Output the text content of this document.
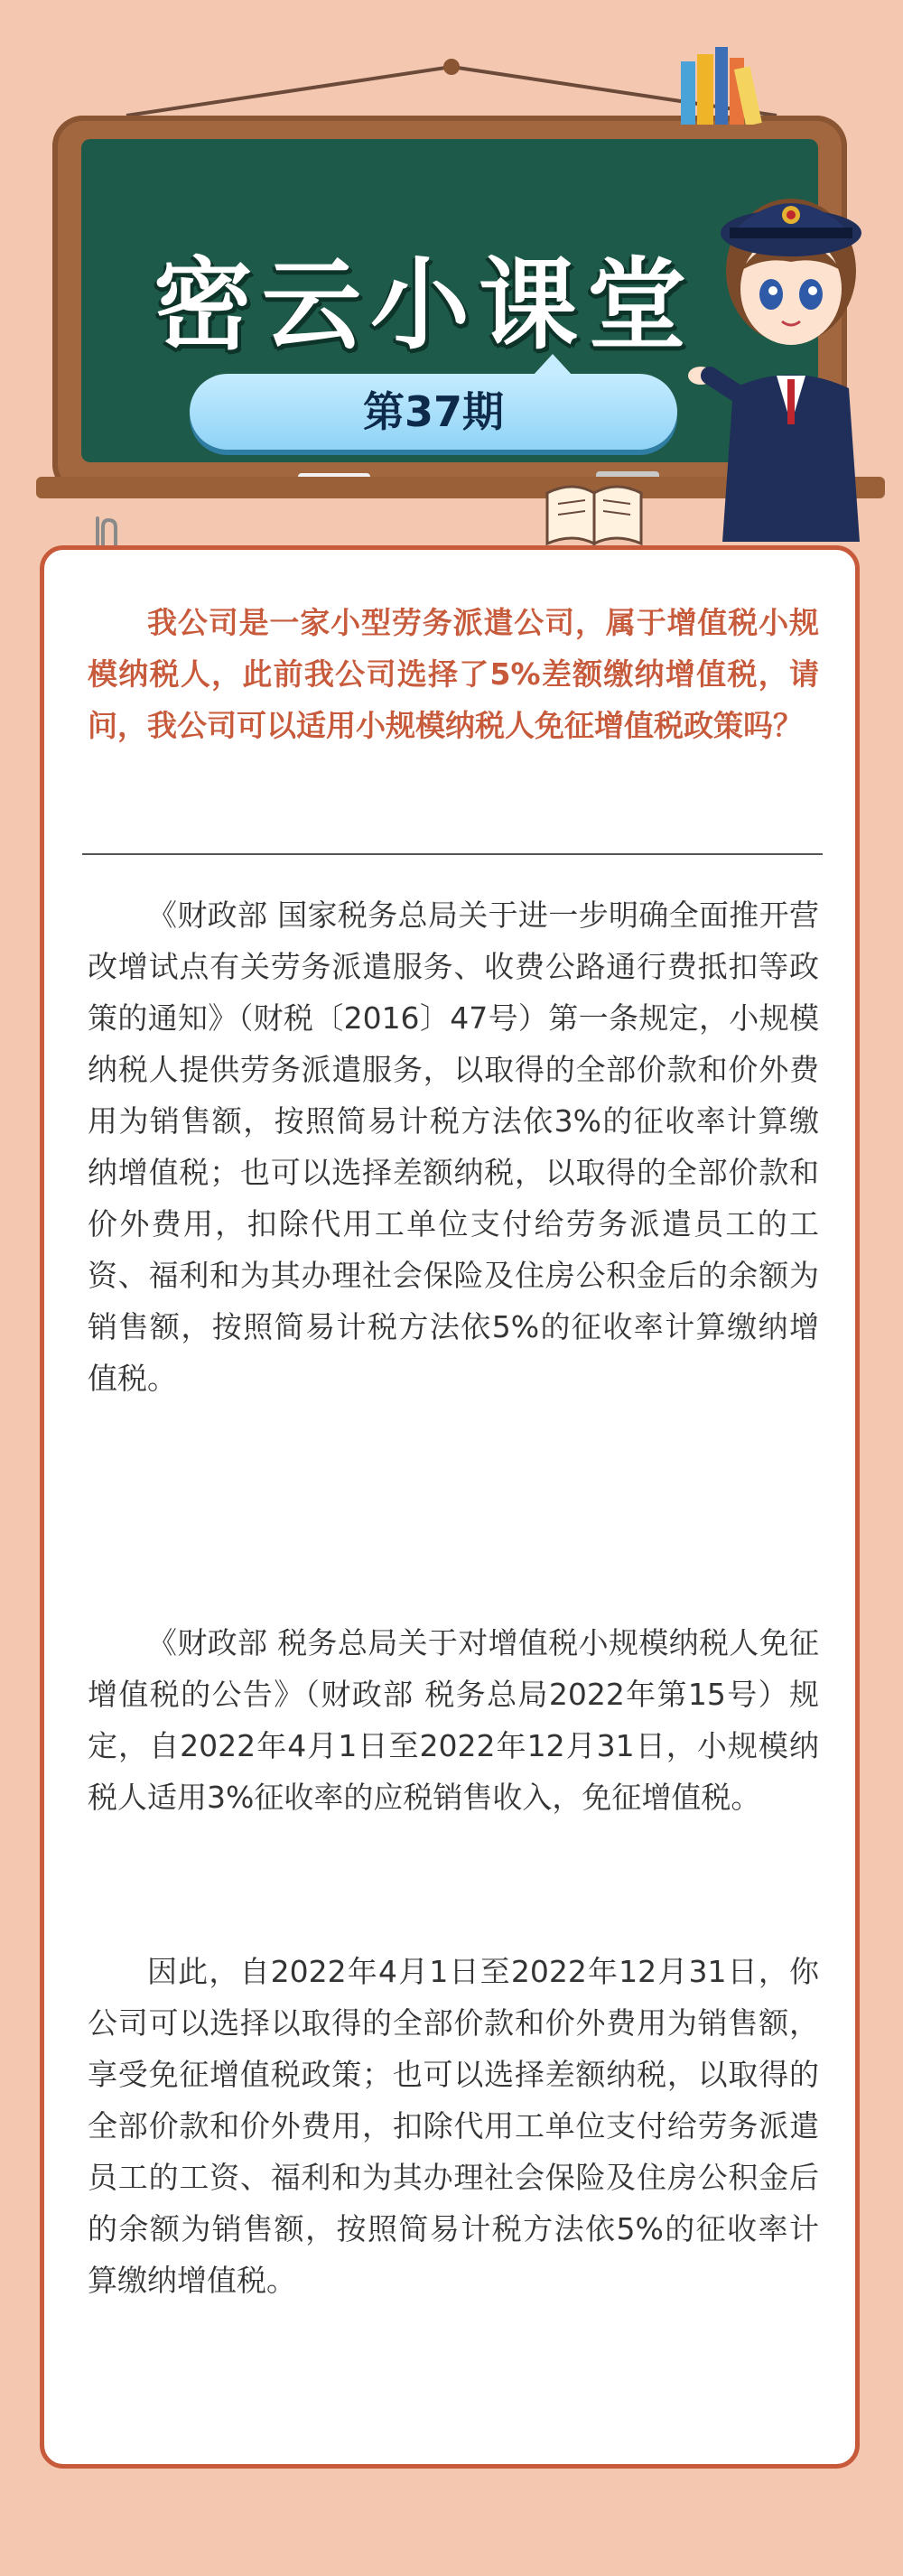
密云小课堂
第37期

我公司是一家小型劳务派遣公司，属于增值税小规模纳税人，此前我公司选择了5%差额缴纳增值税，请问，我公司可以适用小规模纳税人免征增值税政策吗？

《财政部 国家税务总局关于进一步明确全面推开营改增试点有关劳务派遣服务、收费公路通行费抵扣等政策的通知》（财税〔2016〕47号）第一条规定，小规模纳税人提供劳务派遣服务，以取得的全部价款和价外费用为销售额，按照简易计税方法依3%的征收率计算缴纳增值税；也可以选择差额纳税，以取得的全部价款和价外费用，扣除代用工单位支付给劳务派遣员工的工资、福利和为其办理社会保险及住房公积金后的余额为销售额，按照简易计税方法依5%的征收率计算缴纳增值税。

《财政部 税务总局关于对增值税小规模纳税人免征增值税的公告》（财政部 税务总局2022年第15号）规定，自2022年4月1日至2022年12月31日，小规模纳税人适用3%征收率的应税销售收入，免征增值税。

因此，自2022年4月1日至2022年12月31日，你公司可以选择以取得的全部价款和价外费用为销售额，享受免征增值税政策；也可以选择差额纳税，以取得的全部价款和价外费用，扣除代用工单位支付给劳务派遣员工的工资、福利和为其办理社会保险及住房公积金后的余额为销售额，按照简易计税方法依5%的征收率计算缴纳增值税。
